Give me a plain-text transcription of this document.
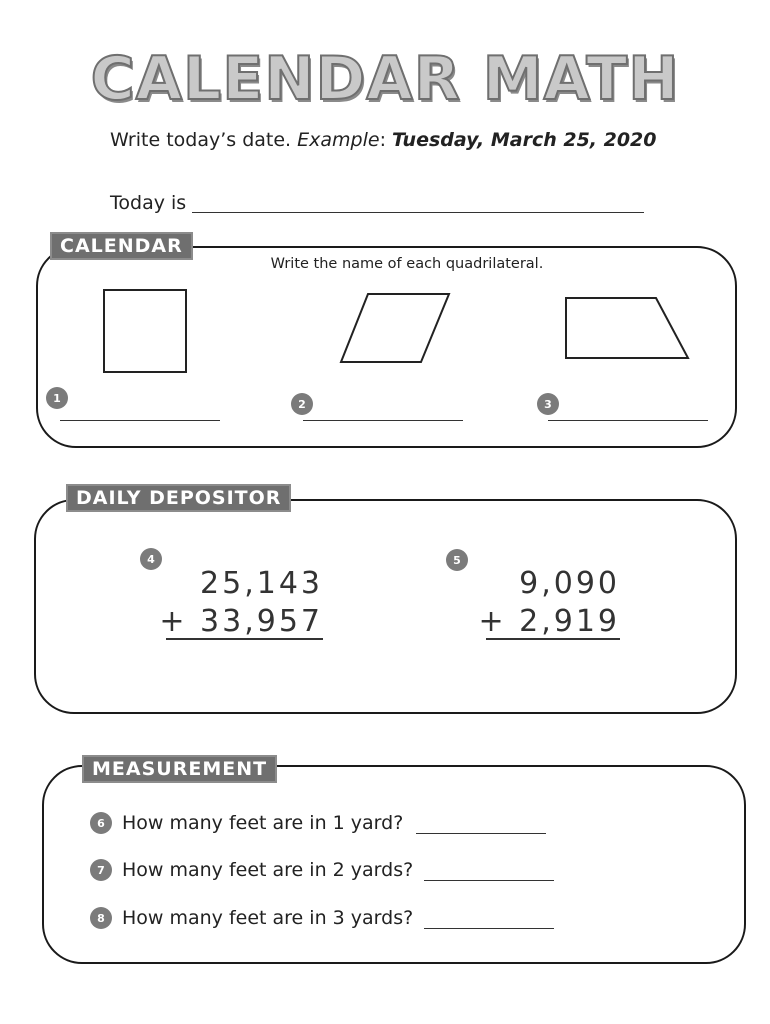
CALENDAR MATH
Write today’s date. Example: Tuesday, March 25, 2020
Today is
CALENDAR
Write the name of each quadrilateral.
1	2	3
DAILY DEPOSITOR
4
25,143
+ 33,957
5
9,090
+ 2,919
MEASUREMENT
6 How many feet are in 1 yard?
7 How many feet are in 2 yards?
8 How many feet are in 3 yards?
